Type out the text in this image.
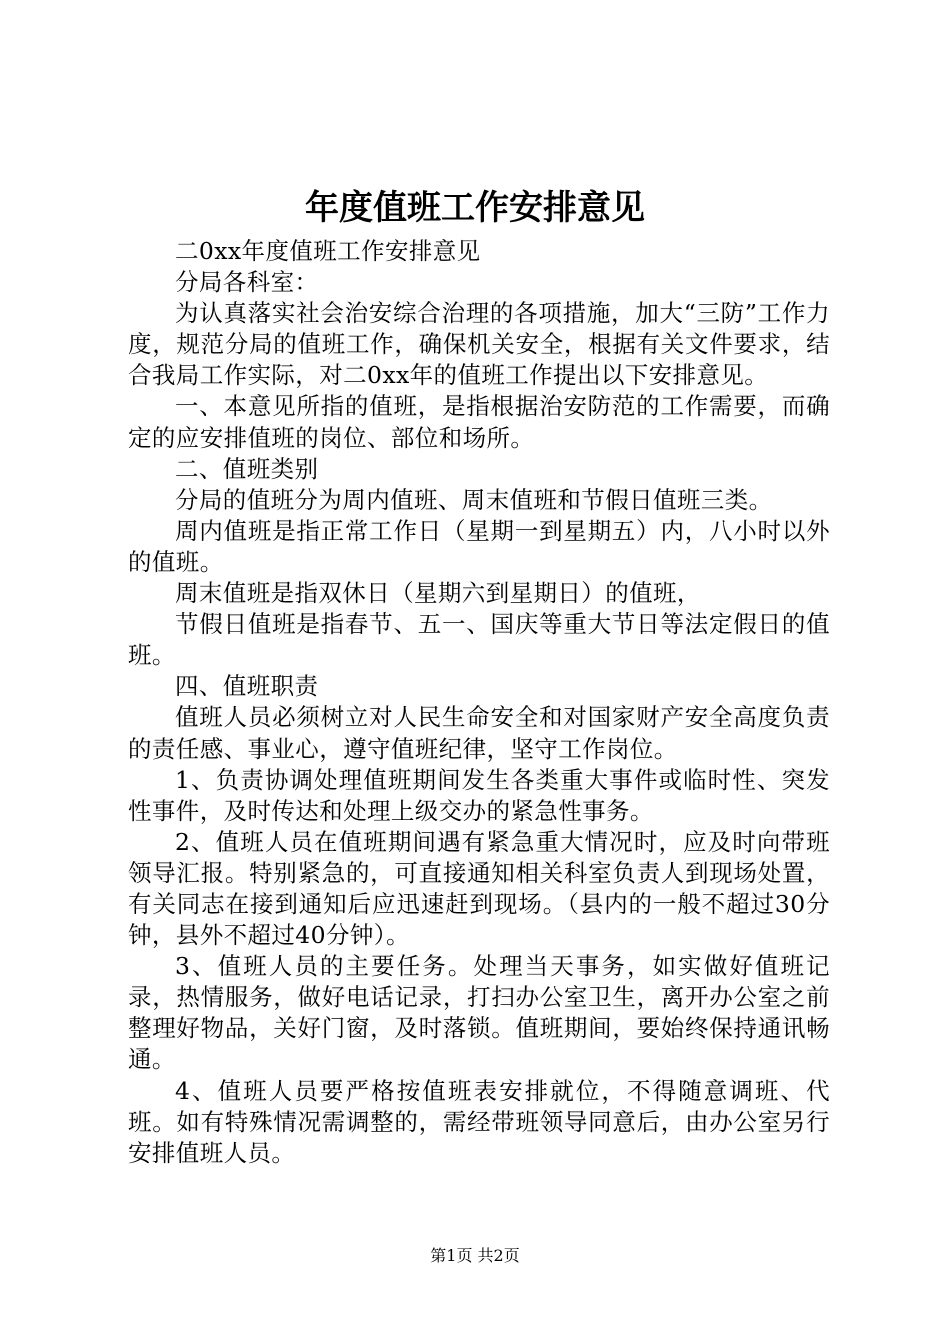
年度值班工作安排意见

二0xx年度值班工作安排意见

分局各科室：

为认真落实社会治安综合治理的各项措施，加大“三防”工作力度，规范分局的值班工作，确保机关安全，根据有关文件要求，结合我局工作实际，对二0xx年的值班工作提出以下安排意见。

一、本意见所指的值班，是指根据治安防范的工作需要，而确定的应安排值班的岗位、部位和场所。

二、值班类别

分局的值班分为周内值班、周末值班和节假日值班三类。

周内值班是指正常工作日（星期一到星期五）内，八小时以外的值班。

周末值班是指双休日（星期六到星期日）的值班，

节假日值班是指春节、五一、国庆等重大节日等法定假日的值班。

四、值班职责

值班人员必须树立对人民生命安全和对国家财产安全高度负责的责任感、事业心，遵守值班纪律，坚守工作岗位。

1、负责协调处理值班期间发生各类重大事件或临时性、突发性事件，及时传达和处理上级交办的紧急性事务。

2、值班人员在值班期间遇有紧急重大情况时，应及时向带班领导汇报。特别紧急的，可直接通知相关科室负责人到现场处置，有关同志在接到通知后应迅速赶到现场。（县内的一般不超过30分钟，县外不超过40分钟）。

3、值班人员的主要任务。处理当天事务，如实做好值班记录，热情服务，做好电话记录，打扫办公室卫生，离开办公室之前整理好物品，关好门窗，及时落锁。值班期间，要始终保持通讯畅通。

4、值班人员要严格按值班表安排就位，不得随意调班、代班。如有特殊情况需调整的，需经带班领导同意后，由办公室另行安排值班人员。

第1页 共2页
